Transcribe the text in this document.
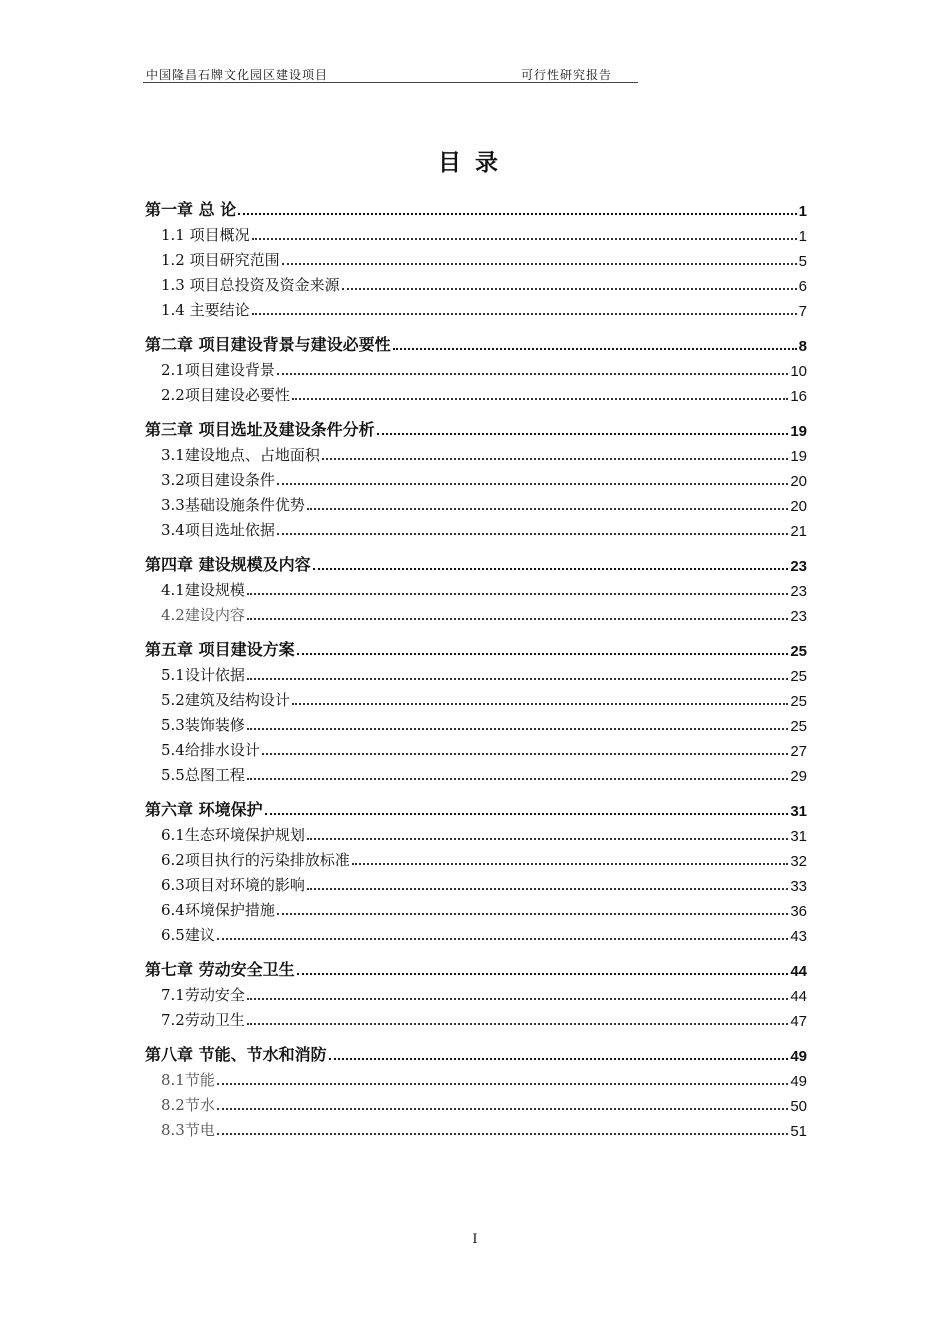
中国隆昌石牌文化园区建设项目	可行性研究报告
目录
第一章 总 论	1
1.1 项目概况	1
1.2 项目研究范围	5
1.3 项目总投资及资金来源	6
1.4 主要结论	7
第二章 项目建设背景与建设必要性	8
2.1项目建设背景	10
2.2项目建设必要性	16
第三章 项目选址及建设条件分析	19
3.1建设地点、占地面积	19
3.2项目建设条件	20
3.3基础设施条件优势	20
3.4项目选址依据	21
第四章 建设规模及内容	23
4.1建设规模	23
4.2建设内容	23
第五章 项目建设方案	25
5.1设计依据	25
5.2建筑及结构设计	25
5.3装饰装修	25
5.4给排水设计	27
5.5总图工程	29
第六章 环境保护	31
6.1生态环境保护规划	31
6.2项目执行的污染排放标准	32
6.3项目对环境的影响	33
6.4环境保护措施	36
6.5建议	43
第七章 劳动安全卫生	44
7.1劳动安全	44
7.2劳动卫生	47
第八章 节能、节水和消防	49
8.1节能	49
8.2节水	50
8.3节电	51
I
